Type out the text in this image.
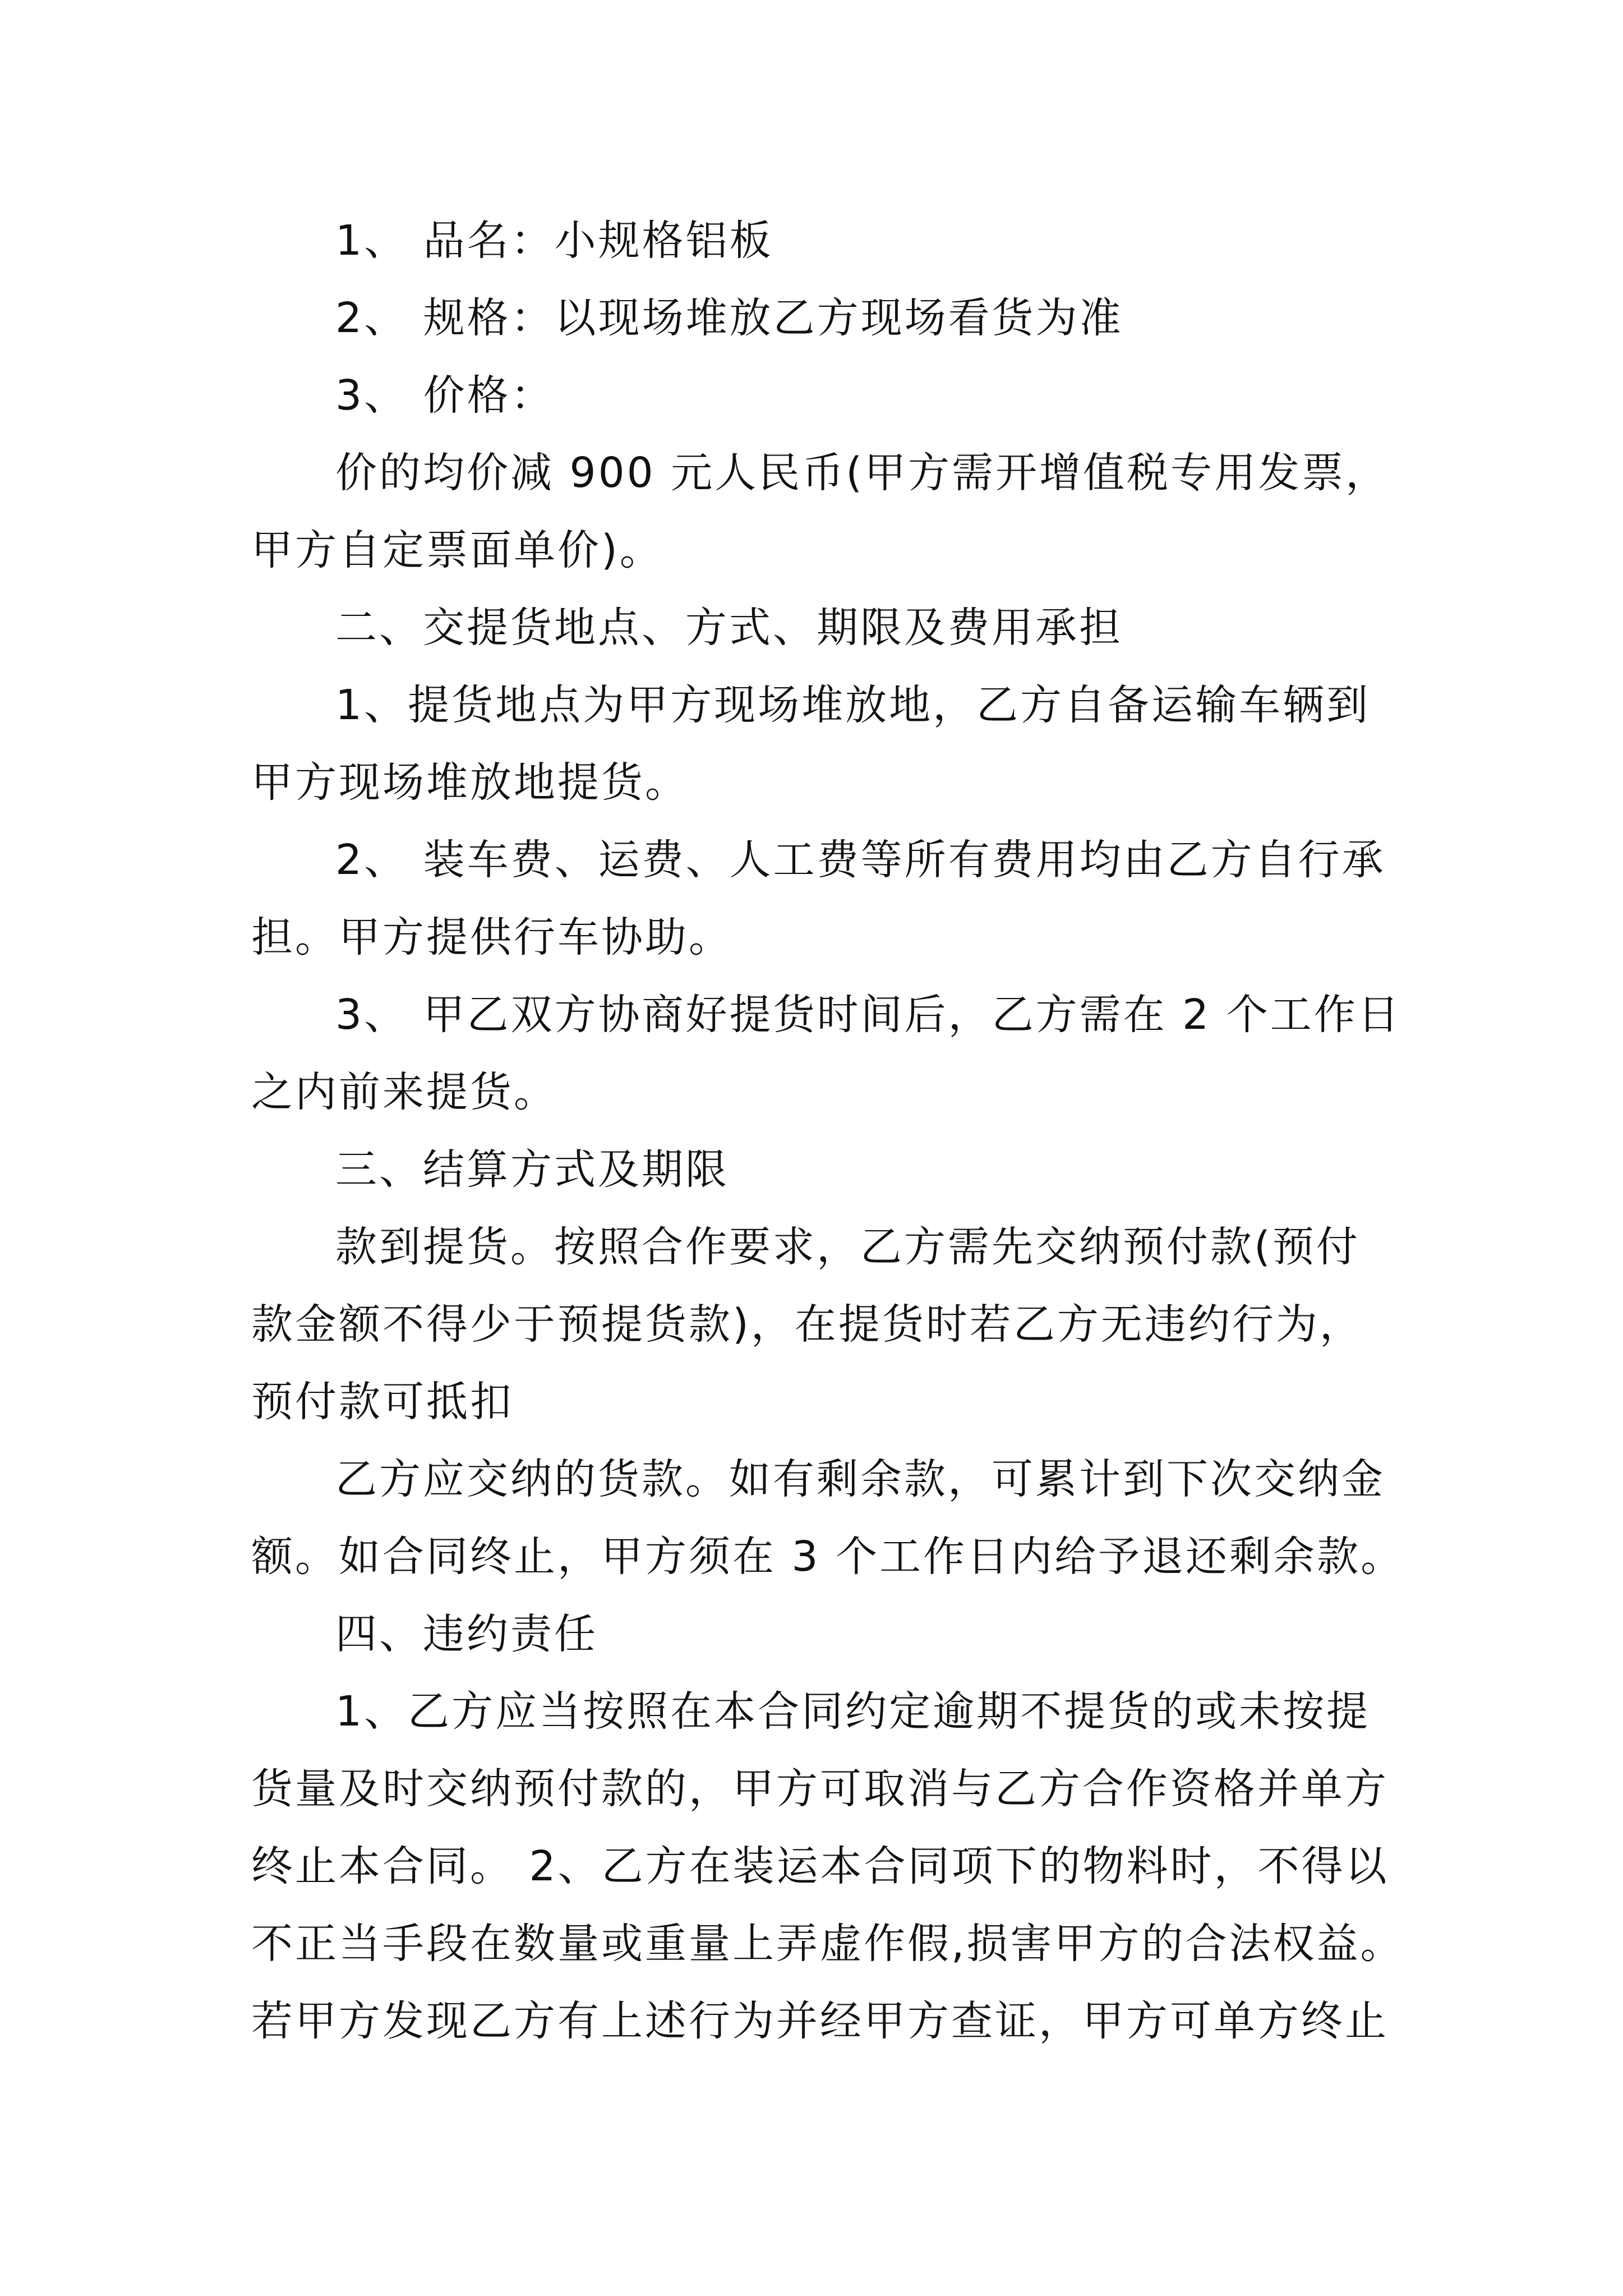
1、 品名：小规格铝板
2、 规格：以现场堆放乙方现场看货为准
3、 价格：
价的均价减 900 元人民币(甲方需开增值税专用发票，
甲方自定票面单价)。
二、交提货地点、方式、期限及费用承担
1、提货地点为甲方现场堆放地，乙方自备运输车辆到
甲方现场堆放地提货。
2、 装车费、运费、人工费等所有费用均由乙方自行承
担。甲方提供行车协助。
3、 甲乙双方协商好提货时间后，乙方需在 2 个工作日
之内前来提货。
三、结算方式及期限
款到提货。按照合作要求，乙方需先交纳预付款(预付
款金额不得少于预提货款)，在提货时若乙方无违约行为，
预付款可抵扣
乙方应交纳的货款。如有剩余款，可累计到下次交纳金
额。如合同终止，甲方须在 3 个工作日内给予退还剩余款。
四、违约责任
1、乙方应当按照在本合同约定逾期不提货的或未按提
货量及时交纳预付款的，甲方可取消与乙方合作资格并单方
终止本合同。 2、乙方在装运本合同项下的物料时，不得以
不正当手段在数量或重量上弄虚作假,损害甲方的合法权益。
若甲方发现乙方有上述行为并经甲方查证，甲方可单方终止
